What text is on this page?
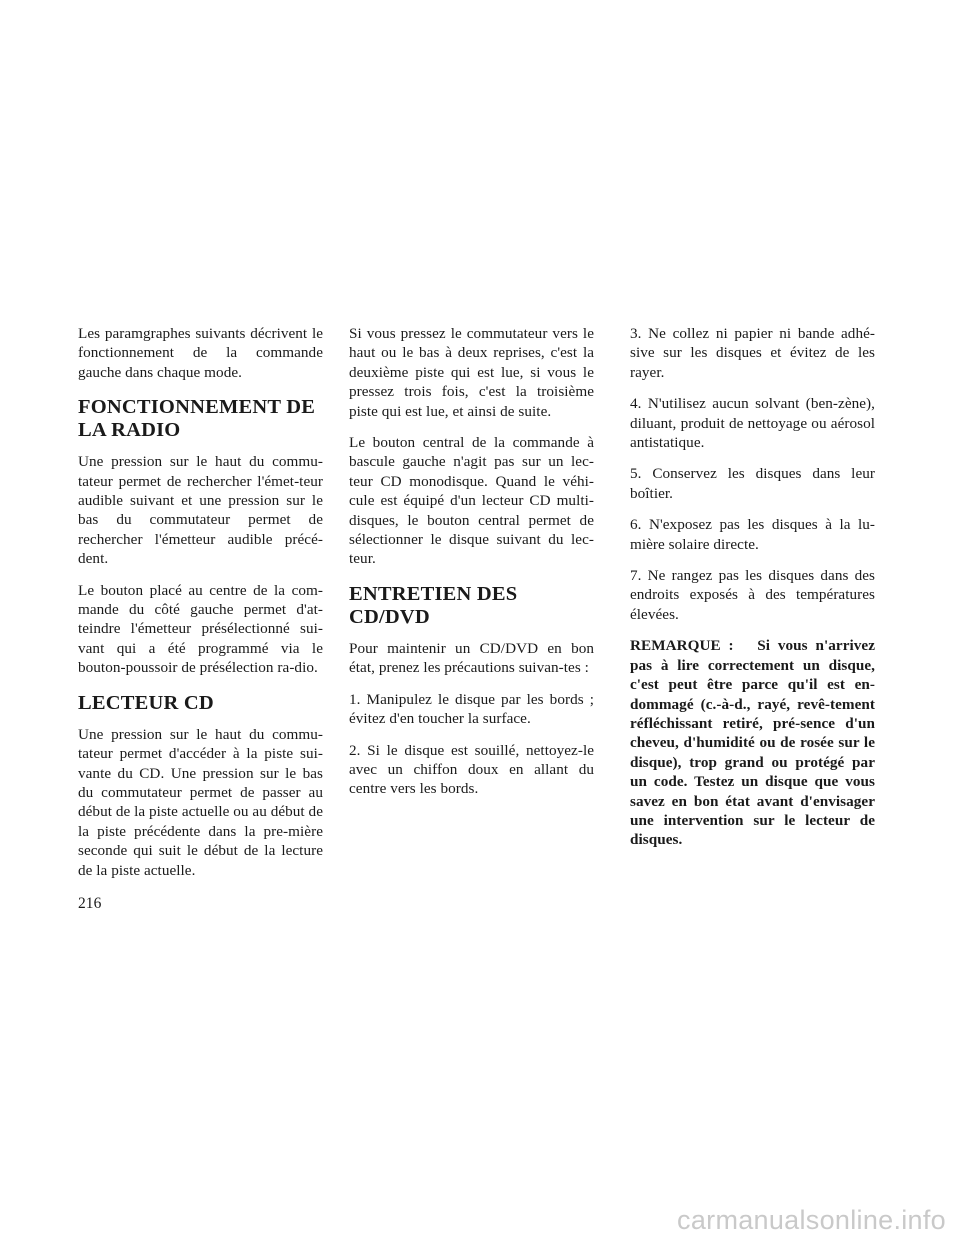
Les paramgraphes suivants décrivent le fonctionnement de la commande gauche dans chaque mode.

FONCTIONNEMENT DE LA RADIO

Une pression sur le haut du commu-tateur permet de rechercher l'émet-teur audible suivant et une pression sur le bas du commutateur permet de rechercher l'émetteur audible précé-dent.

Le bouton placé au centre de la com-mande du côté gauche permet d'at-teindre l'émetteur présélectionné sui-vant qui a été programmé via le bouton-poussoir de présélection ra-dio.

LECTEUR CD

Une pression sur le haut du commu-tateur permet d'accéder à la piste sui-vante du CD. Une pression sur le bas du commutateur permet de passer au début de la piste actuelle ou au début de la piste précédente dans la pre-mière seconde qui suit le début de la lecture de la piste actuelle.

Si vous pressez le commutateur vers le haut ou le bas à deux reprises, c'est la deuxième piste qui est lue, si vous le pressez trois fois, c'est la troisième piste qui est lue, et ainsi de suite.

Le bouton central de la commande à bascule gauche n'agit pas sur un lec-teur CD monodisque. Quand le véhi-cule est équipé d'un lecteur CD multi-disques, le bouton central permet de sélectionner le disque suivant du lec-teur.

ENTRETIEN DES
CD/DVD

Pour maintenir un CD/DVD en bon état, prenez les précautions suivan-tes :

1. Manipulez le disque par les bords ; évitez d'en toucher la surface.

2. Si le disque est souillé, nettoyez-le avec un chiffon doux en allant du centre vers les bords.

3. Ne collez ni papier ni bande adhé-sive sur les disques et évitez de les rayer.

4. N'utilisez aucun solvant (ben-zène), diluant, produit de nettoyage ou aérosol antistatique.

5. Conservez les disques dans leur boîtier.

6. N'exposez pas les disques à la lu-mière solaire directe.

7. Ne rangez pas les disques dans des endroits exposés à des températures élevées.

REMARQUE : Si vous n'arrivez pas à lire correctement un disque, c'est peut être parce qu'il est en-dommagé (c.-à-d., rayé, revê-tement réfléchissant retiré, pré-sence d'un cheveu, d'humidité ou de rosée sur le disque), trop grand ou protégé par un code. Testez un disque que vous savez en bon état avant d'envisager une intervention sur le lecteur de disques.

216

carmanualsonline.info
